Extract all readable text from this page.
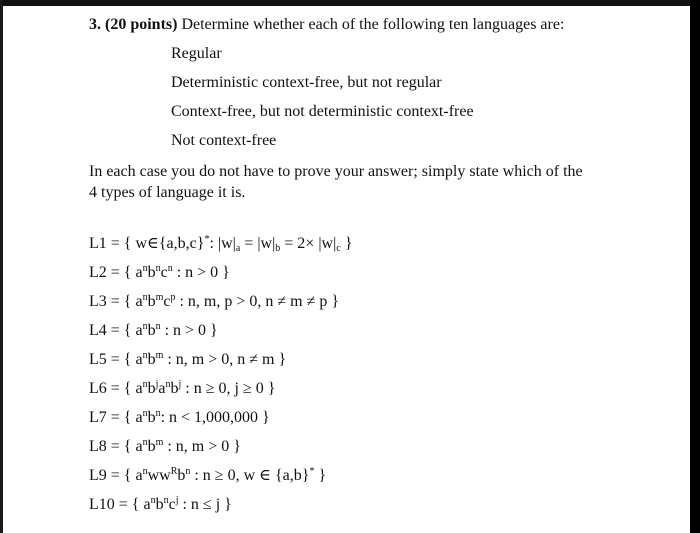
3. (20 points) Determine whether each of the following ten languages are:
Regular
Deterministic context-free, but not regular
Context-free, but not deterministic context-free
Not context-free
In each case you do not have to prove your answer; simply state which of the 4 types of language it is.
L1 = { w∈{a,b,c}*: $|w|_a = |w|_b = 2\times |w|_c$ }
L2 = { $a^nb^nc^n$ : n > 0 }
L3 = { $a^nb^mc^p$ : n, m, p > 0, n ≠ m ≠ p }
L4 = { $a^nb^n$ : n > 0 }
L5 = { $a^nb^m$ : n, m > 0, n ≠ m }
L6 = { $a^nb^ja^nb^j$ : n ≥ 0, j ≥ 0 }
L7 = { $a^nb^n$: n < 1,000,000 }
L8 = { $a^nb^m$ : n, m > 0 }
L9 = { $a^nww^Rb^n$ : n ≥ 0, w ∈ {a,b}* }
L10 = { $a^nb^nc^j$ : n ≤ j }
